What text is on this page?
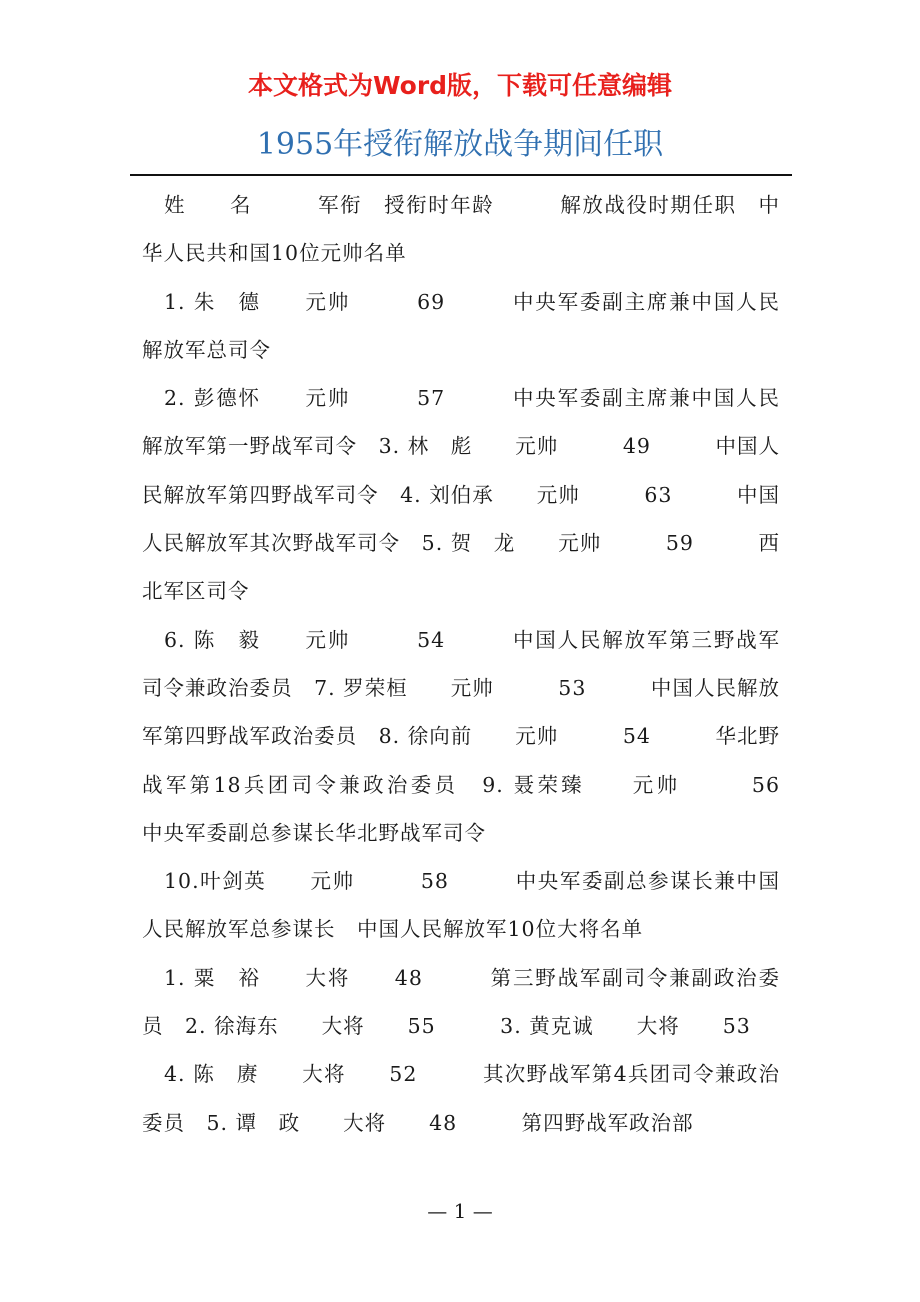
本文格式为Word版，下载可任意编辑
1955年授衔解放战争期间任职

姓　　名　　　军衔　授衔时年龄　　　解放战役时期任职　中华人民共和国10位元帅名单

1. 朱　德　　元帅　　　69　　　中央军委副主席兼中国人民解放军总司令

2. 彭德怀　　元帅　　　57　　　中央军委副主席兼中国人民解放军第一野战军司令　3. 林　彪　　元帅　　　49　　　中国人民解放军第四野战军司令　4. 刘伯承　　元帅　　　63　　　中国人民解放军其次野战军司令　5. 贺　龙　　元帅　　　59　　　西北军区司令

6. 陈　毅　　元帅　　　54　　　中国人民解放军第三野战军司令兼政治委员　7. 罗荣桓　　元帅　　　53　　　中国人民解放军第四野战军政治委员　8. 徐向前　　元帅　　　54　　　华北野战军第18兵团司令兼政治委员　9. 聂荣臻　　元帅　　　56　　　中央军委副总参谋长华北野战军司令

10.叶剑英　　元帅　　　58　　　中央军委副总参谋长兼中国人民解放军总参谋长　中国人民解放军10位大将名单

1. 粟　裕　　大将　　48　　　第三野战军副司令兼副政治委员　2. 徐海东　　大将　　55　　　3. 黄克诚　　大将　　53

4. 陈　赓　　大将　　52　　　其次野战军第4兵团司令兼政治委员　5. 谭　政　　大将　　48　　　第四野战军政治部

— 1 —
